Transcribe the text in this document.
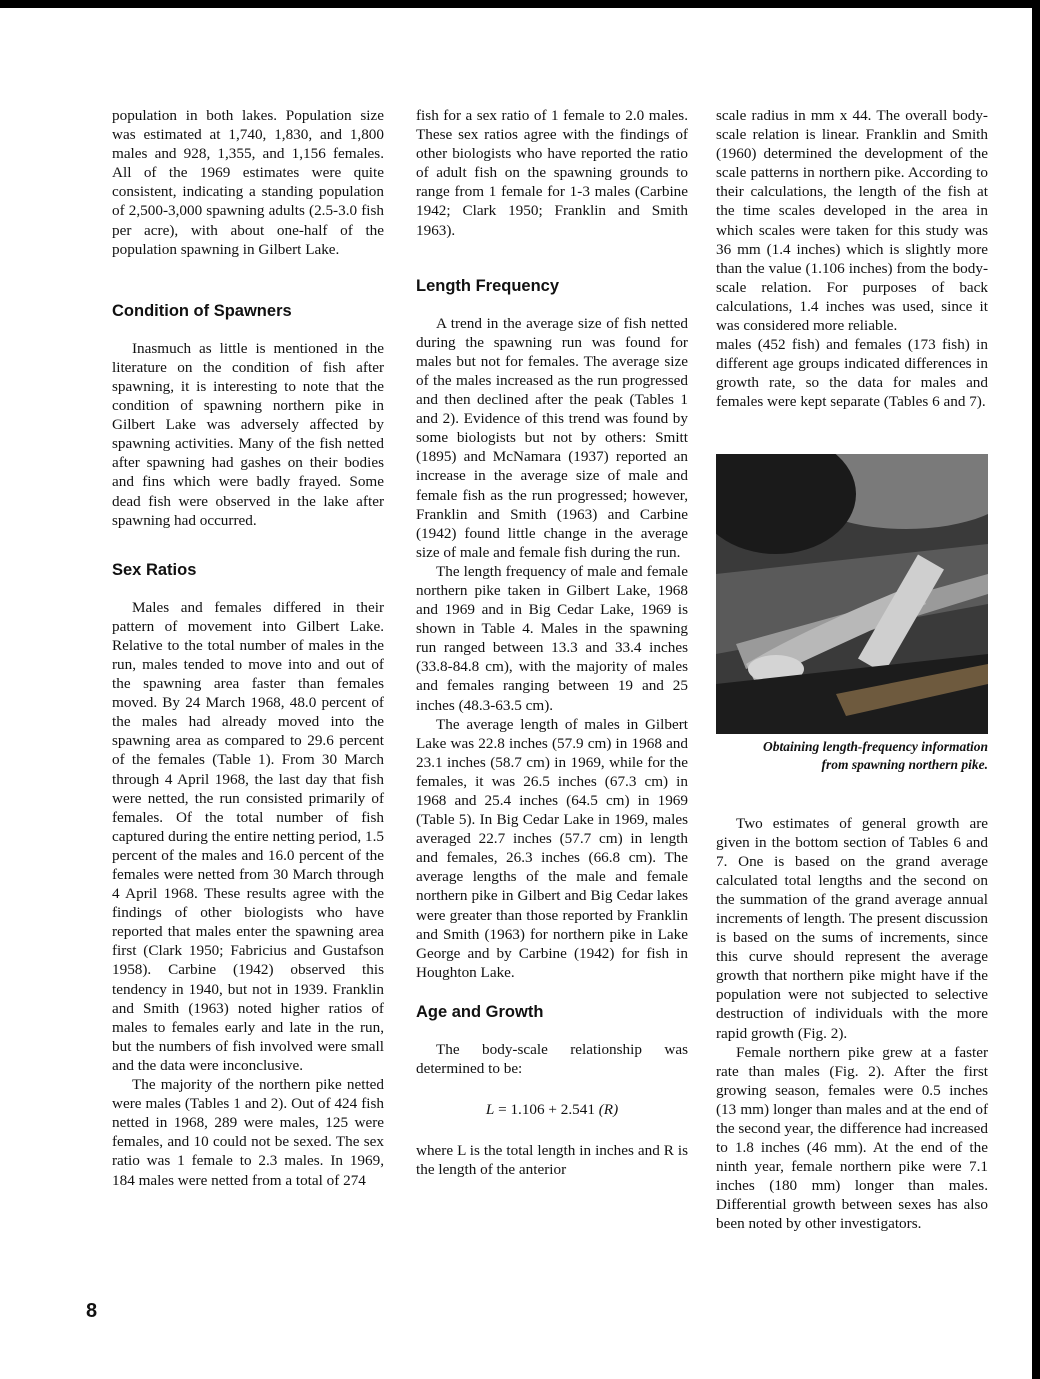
population in both lakes. Population size was estimated at 1,740, 1,830, and 1,800 males and 928, 1,355, and 1,156 females. All of the 1969 estimates were quite consistent, indicating a standing population of 2,500-3,000 spawning adults (2.5-3.0 fish per acre), with about one-half of the population spawning in Gilbert Lake.

Condition of Spawners

Inasmuch as little is mentioned in the literature on the condition of fish after spawning, it is interesting to note that the condition of spawning northern pike in Gilbert Lake was adversely affected by spawning activities. Many of the fish netted after spawning had gashes on their bodies and fins which were badly frayed. Some dead fish were observed in the lake after spawning had occurred.

Sex Ratios

Males and females differed in their pattern of movement into Gilbert Lake. Relative to the total number of males in the run, males tended to move into and out of the spawning area faster than females moved. By 24 March 1968, 48.0 percent of the males had already moved into the spawning area as compared to 29.6 percent of the females (Table 1). From 30 March through 4 April 1968, the last day that fish were netted, the run consisted primarily of females. Of the total number of fish captured during the entire netting period, 1.5 percent of the males and 16.0 percent of the females were netted from 30 March through 4 April 1968. These results agree with the findings of other biologists who have reported that males enter the spawning area first (Clark 1950; Fabricius and Gustafson 1958). Carbine (1942) observed this tendency in 1940, but not in 1939. Franklin and Smith (1963) noted higher ratios of males to females early and late in the run, but the numbers of fish involved were small and the data were inconclusive.

The majority of the northern pike netted were males (Tables 1 and 2). Out of 424 fish netted in 1968, 289 were males, 125 were females, and 10 could not be sexed. The sex ratio was 1 female to 2.3 males. In 1969, 184 males were netted from a total of 274

fish for a sex ratio of 1 female to 2.0 males. These sex ratios agree with the findings of other biologists who have reported the ratio of adult fish on the spawning grounds to range from 1 female for 1-3 males (Carbine 1942; Clark 1950; Franklin and Smith 1963).

Length Frequency

A trend in the average size of fish netted during the spawning run was found for males but not for females. The average size of the males increased as the run progressed and then declined after the peak (Tables 1 and 2). Evidence of this trend was found by some biologists but not by others: Smitt (1895) and McNamara (1937) reported an increase in the average size of male and female fish as the run progressed; however, Franklin and Smith (1963) and Carbine (1942) found little change in the average size of male and female fish during the run.

The length frequency of male and female northern pike taken in Gilbert Lake, 1968 and 1969 and in Big Cedar Lake, 1969 is shown in Table 4. Males in the spawning run ranged between 13.3 and 33.4 inches (33.8-84.8 cm), with the majority of males and females ranging between 19 and 25 inches (48.3-63.5 cm).

The average length of males in Gilbert Lake was 22.8 inches (57.9 cm) in 1968 and 23.1 inches (58.7 cm) in 1969, while for the females, it was 26.5 inches (67.3 cm) in 1968 and 25.4 inches (64.5 cm) in 1969 (Table 5). In Big Cedar Lake in 1969, males averaged 22.7 inches (57.7 cm) in length and females, 26.3 inches (66.8 cm). The average lengths of the male and female northern pike in Gilbert and Big Cedar lakes were greater than those reported by Franklin and Smith (1963) for northern pike in Lake George and by Carbine (1942) for fish in Houghton Lake.

Age and Growth

The body-scale relationship was determined to be:

L = 1.106 + 2.541 (R)

where L is the total length in inches and R is the length of the anterior

scale radius in mm x 44. The overall body-scale relation is linear. Franklin and Smith (1960) determined the development of the scale patterns in northern pike. According to their calculations, the length of the fish at the time scales developed in the area in which scales were taken for this study was 36 mm (1.4 inches) which is slightly more than the value (1.106 inches) from the body-scale relation. For purposes of back calculations, 1.4 inches was used, since it was considered more reliable.

males (452 fish) and females (173 fish) in different age groups indicated differences in growth rate, so the data for males and females were kept separate (Tables 6 and 7).

Obtaining length-frequency information

from spawning northern pike.

Two estimates of general growth are given in the bottom section of Tables 6 and 7. One is based on the grand average calculated total lengths and the second on the summation of the grand average annual increments of length. The present discussion is based on the sums of increments, since this curve should represent the average growth that northern pike might have if the population were not subjected to selective destruction of individuals with the more rapid growth (Fig. 2).

Female northern pike grew at a faster rate than males (Fig. 2). After the first growing season, females were 0.5 inches (13 mm) longer than males and at the end of the second year, the difference had increased to 1.8 inches (46 mm). At the end of the ninth year, female northern pike were 7.1 inches (180 mm) longer than males. Differential growth between sexes has also been noted by other investigators.

8
